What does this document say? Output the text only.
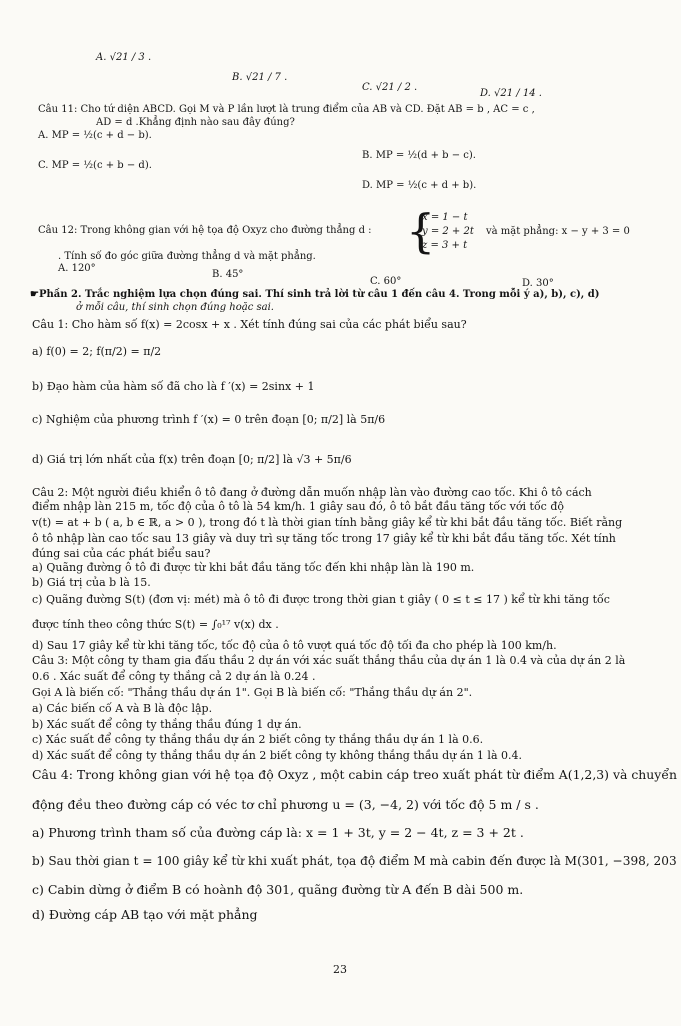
A. √21 / 3 .
B. √21 / 7 .
C. √21 / 2 .
D. √21 / 14 .
Câu 11: Cho tứ diện ABCD. Gọi M và P lần lượt là trung điểm của AB và CD. Đặt AB = b , AC = c ,
AD = d .Khẳng định nào sau đây đúng?
A. MP = ½(c + d − b).
B. MP = ½(d + b − c).
C. MP = ½(c + b − d).
D. MP = ½(c + d + b).
Câu 12: Trong không gian với hệ tọa độ Oxyz cho đường thẳng d : {
x = 1 − t
y = 2 + 2t
z = 3 + t
và mặt phẳng: x − y + 3 = 0
. Tính số đo góc giữa đường thẳng d và mặt phẳng.
A. 120°
B. 45°
C. 60°	D. 30°
☛Phần 2. Trắc nghiệm lựa chọn đúng sai. Thí sinh trả lời từ câu 1 đến câu 4. Trong mỗi ý a), b), c), d)
ở mỗi câu, thí sinh chọn đúng hoặc sai.
Câu 1: Cho hàm số f(x) = 2cosx + x . Xét tính đúng sai của các phát biểu sau?
a) f(0) = 2; f(π/2) = π/2
b) Đạo hàm của hàm số đã cho là f ′(x) = 2sinx + 1
c) Nghiệm của phương trình f ′(x) = 0 trên đoạn [0; π/2] là 5π/6
d) Giá trị lớn nhất của f(x) trên đoạn [0; π/2] là √3 + 5π/6
Câu 2: Một người điều khiển ô tô đang ở đường dẫn muốn nhập làn vào đường cao tốc. Khi ô tô cách
điểm nhập làn 215 m, tốc độ của ô tô là 54 km/h. 1 giây sau đó, ô tô bắt đầu tăng tốc với tốc độ
v(t) = at + b ( a, b ∈ ℝ, a > 0 ), trong đó t là thời gian tính bằng giây kể từ khi bắt đầu tăng tốc. Biết rằng
ô tô nhập làn cao tốc sau 13 giây và duy trì sự tăng tốc trong 17 giây kể từ khi bắt đầu tăng tốc. Xét tính
đúng sai của các phát biểu sau?
a) Quãng đường ô tô đi được từ khi bắt đầu tăng tốc đến khi nhập làn là 190 m.
b) Giá trị của b là 15.
c) Quãng đường S(t) (đơn vị: mét) mà ô tô đi được trong thời gian t giây ( 0 ≤ t ≤ 17 ) kể từ khi tăng tốc
được tính theo công thức S(t) = ∫₀¹⁷ v(x) dx .
d) Sau 17 giây kể từ khi tăng tốc, tốc độ của ô tô vượt quá tốc độ tối đa cho phép là 100 km/h.
Câu 3: Một công ty tham gia đấu thầu 2 dự án với xác suất thắng thầu của dự án 1 là 0.4 và của dự án 2 là
0.6 . Xác suất để công ty thắng cả 2 dự án là 0.24 .
Gọi A là biến cố: "Thắng thầu dự án 1". Gọi B là biến cố: "Thắng thầu dự án 2".
a) Các biến cố A và B là độc lập.
b) Xác suất để công ty thắng thầu đúng 1 dự án.
c) Xác suất để công ty thắng thầu dự án 2 biết công ty thắng thầu dự án 1 là 0.6.
d) Xác suất để công ty thắng thầu dự án 2 biết công ty không thắng thầu dự án 1 là 0.4.
Câu 4: Trong không gian với hệ tọa độ Oxyz , một cabin cáp treo xuất phát từ điểm A(1,2,3) và chuyển
động đều theo đường cáp có véc tơ chỉ phương u = (3, −4, 2) với tốc độ 5 m / s .
a) Phương trình tham số của đường cáp là: x = 1 + 3t, y = 2 − 4t, z = 3 + 2t .
b) Sau thời gian t = 100 giây kể từ khi xuất phát, tọa độ điểm M mà cabin đến được là M(301, −398, 203
c) Cabin dừng ở điểm B có hoành độ 301, quãng đường từ A đến B dài 500 m.
d) Đường cáp AB tạo với mặt phẳng
23
